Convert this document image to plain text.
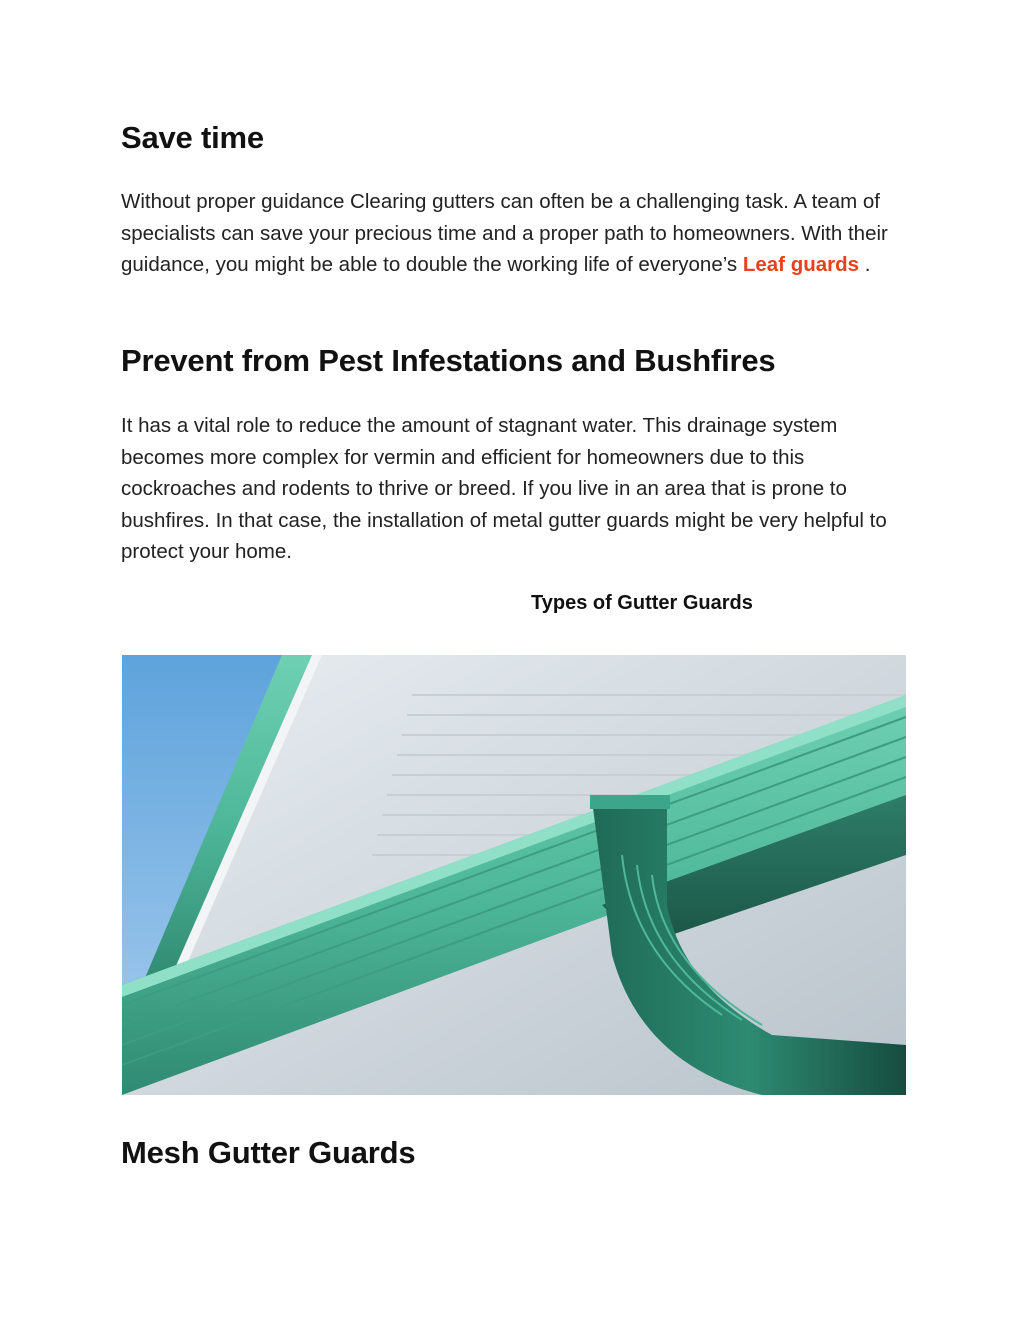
Save time

Without proper guidance Clearing gutters can often be a challenging task. A team of specialists can save your precious time and a proper path to homeowners. With their guidance, you might be able to double the working life of everyone’s Leaf guards .

Prevent from Pest Infestations and Bushfires

It has a vital role to reduce the amount of stagnant water. This drainage system becomes more complex for vermin and efficient for homeowners due to this cockroaches and rodents to thrive or breed. If you live in an area that is prone to bushfires. In that case, the installation of metal gutter guards might be very helpful to protect your home.

Types of Gutter Guards

Mesh Gutter Guards
